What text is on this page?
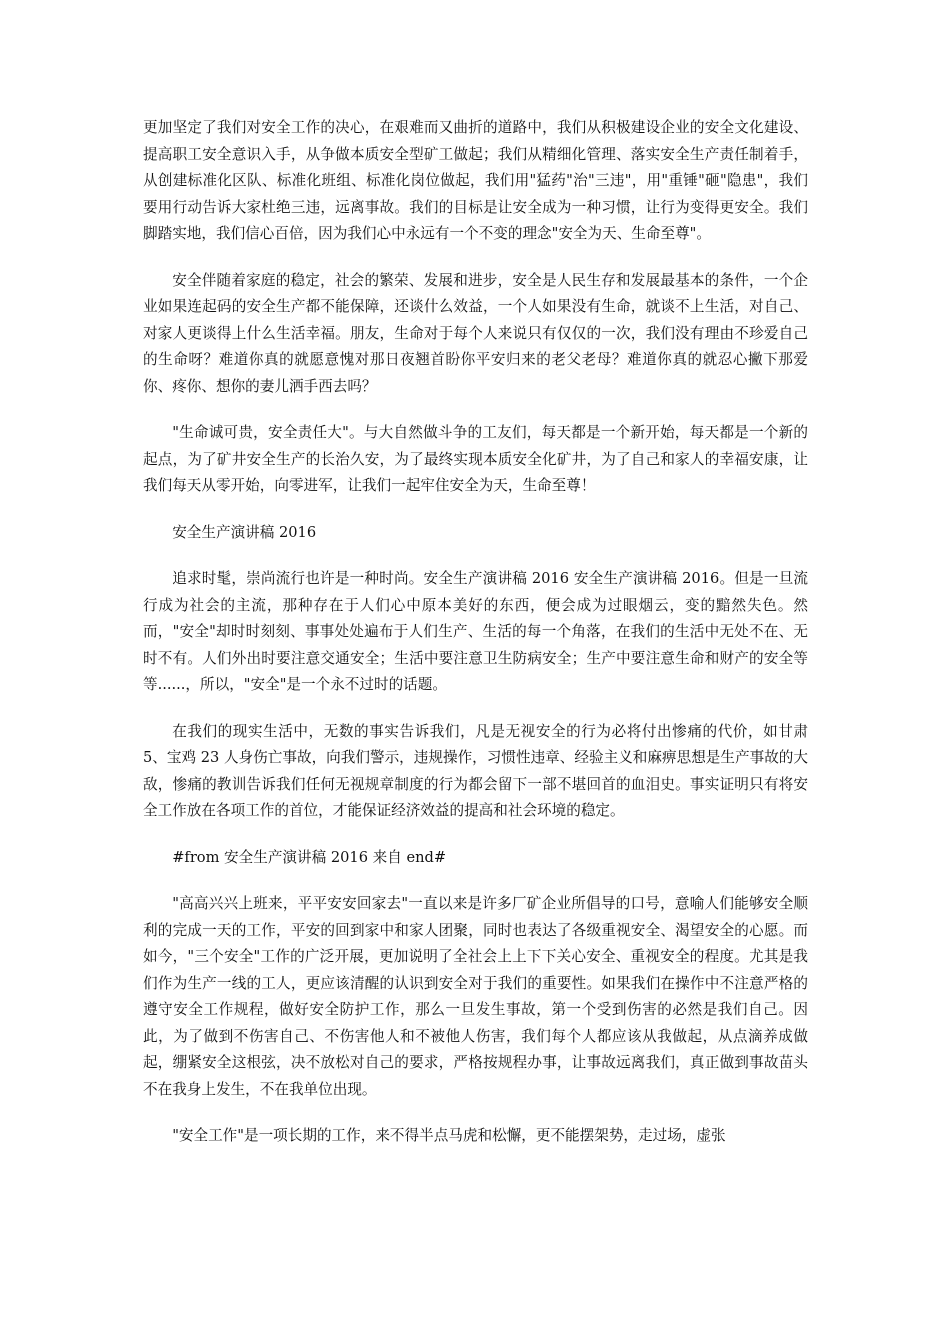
更加坚定了我们对安全工作的决心，在艰难而又曲折的道路中，我们从积极建设企业的安全文化建设、提高职工安全意识入手，从争做本质安全型矿工做起；我们从精细化管理、落实安全生产责任制着手，从创建标准化区队、标准化班组、标准化岗位做起，我们用"猛药"治"三违"，用"重锤"砸"隐患"，我们要用行动告诉大家杜绝三违，远离事故。我们的目标是让安全成为一种习惯，让行为变得更安全。我们脚踏实地，我们信心百倍，因为我们心中永远有一个不变的理念"安全为天、生命至尊"。

安全伴随着家庭的稳定，社会的繁荣、发展和进步，安全是人民生存和发展最基本的条件，一个企业如果连起码的安全生产都不能保障，还谈什么效益，一个人如果没有生命，就谈不上生活，对自己、对家人更谈得上什么生活幸福。朋友，生命对于每个人来说只有仅仅的一次，我们没有理由不珍爱自己的生命呀？难道你真的就愿意愧对那日夜翘首盼你平安归来的老父老母？难道你真的就忍心撇下那爱你、疼你、想你的妻儿洒手西去吗？

"生命诚可贵，安全责任大"。与大自然做斗争的工友们，每天都是一个新开始，每天都是一个新的起点，为了矿井安全生产的长治久安，为了最终实现本质安全化矿井，为了自己和家人的幸福安康，让我们每天从零开始，向零进军，让我们一起牢住安全为天，生命至尊！

安全生产演讲稿 2016

追求时髦，崇尚流行也许是一种时尚。安全生产演讲稿 2016 安全生产演讲稿 2016。但是一旦流行成为社会的主流，那种存在于人们心中原本美好的东西，便会成为过眼烟云，变的黯然失色。然而，"安全"却时时刻刻、事事处处遍布于人们生产、生活的每一个角落，在我们的生活中无处不在、无时不有。人们外出时要注意交通安全；生活中要注意卫生防病安全；生产中要注意生命和财产的安全等等......，所以，"安全"是一个永不过时的话题。

在我们的现实生活中，无数的事实告诉我们，凡是无视安全的行为必将付出惨痛的代价，如甘肃 5、宝鸡 23 人身伤亡事故，向我们警示，违规操作，习惯性违章、经验主义和麻痹思想是生产事故的大敌，惨痛的教训告诉我们任何无视规章制度的行为都会留下一部不堪回首的血泪史。事实证明只有将安全工作放在各项工作的首位，才能保证经济效益的提高和社会环境的稳定。

#from 安全生产演讲稿 2016 来自 end#

"高高兴兴上班来，平平安安回家去"一直以来是许多厂矿企业所倡导的口号，意喻人们能够安全顺利的完成一天的工作，平安的回到家中和家人团聚，同时也表达了各级重视安全、渴望安全的心愿。而如今，"三个安全"工作的广泛开展，更加说明了全社会上上下下关心安全、重视安全的程度。尤其是我们作为生产一线的工人，更应该清醒的认识到安全对于我们的重要性。如果我们在操作中不注意严格的遵守安全工作规程，做好安全防护工作，那么一旦发生事故，第一个受到伤害的必然是我们自己。因此，为了做到不伤害自己、不伤害他人和不被他人伤害，我们每个人都应该从我做起，从点滴养成做起，绷紧安全这根弦，决不放松对自己的要求，严格按规程办事，让事故远离我们，真正做到事故苗头不在我身上发生，不在我单位出现。

"安全工作"是一项长期的工作，来不得半点马虎和松懈，更不能摆架势，走过场，虚张
